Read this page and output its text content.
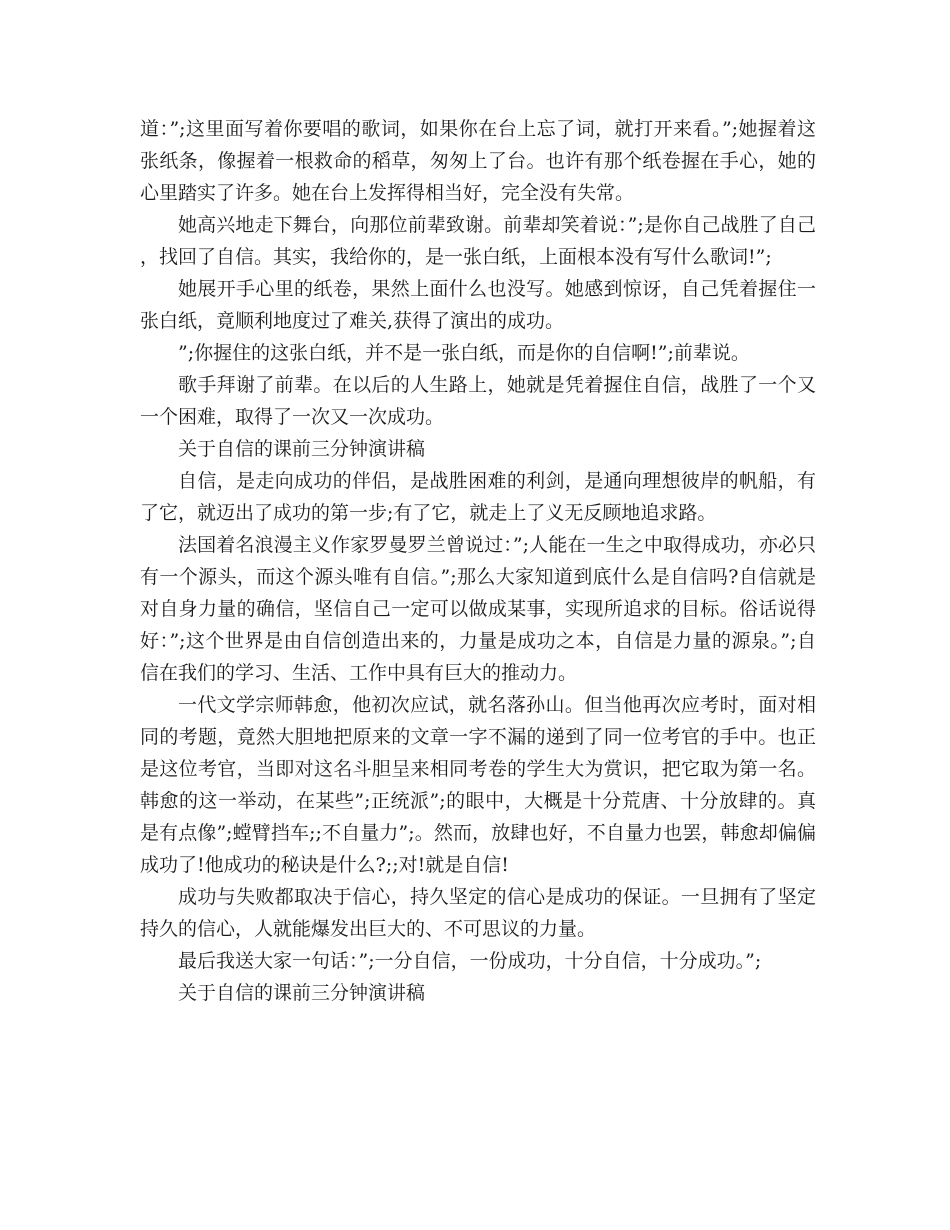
道：”;这里面写着你要唱的歌词，如果你在台上忘了词，就打开来看。”;她握着这张纸条，像握着一根救命的稻草，匆匆上了台。也许有那个纸卷握在手心，她的心里踏实了许多。她在台上发挥得相当好，完全没有失常。

她高兴地走下舞台，向那位前辈致谢。前辈却笑着说：”;是你自己战胜了自己，找回了自信。其实，我给你的，是一张白纸，上面根本没有写什么歌词!”;

她展开手心里的纸卷，果然上面什么也没写。她感到惊讶，自己凭着握住一张白纸，竟顺利地度过了难关,获得了演出的成功。

”;你握住的这张白纸，并不是一张白纸，而是你的自信啊!”;前辈说。

歌手拜谢了前辈。在以后的人生路上，她就是凭着握住自信，战胜了一个又一个困难，取得了一次又一次成功。

关于自信的课前三分钟演讲稿

自信，是走向成功的伴侣，是战胜困难的利剑，是通向理想彼岸的帆船，有了它，就迈出了成功的第一步;有了它，就走上了义无反顾地追求路。

法国着名浪漫主义作家罗曼罗兰曾说过：”;人能在一生之中取得成功，亦必只有一个源头，而这个源头唯有自信。”;那么大家知道到底什么是自信吗?自信就是对自身力量的确信，坚信自己一定可以做成某事，实现所追求的目标。俗话说得好：”;这个世界是由自信创造出来的，力量是成功之本，自信是力量的源泉。”;自信在我们的学习、生活、工作中具有巨大的推动力。

一代文学宗师韩愈，他初次应试，就名落孙山。但当他再次应考时，面对相同的考题，竟然大胆地把原来的文章一字不漏的递到了同一位考官的手中。也正是这位考官，当即对这名斗胆呈来相同考卷的学生大为赏识，把它取为第一名。韩愈的这一举动，在某些”;正统派”;的眼中，大概是十分荒唐、十分放肆的。真是有点像”;螳臂挡车;;不自量力”;。然而，放肆也好，不自量力也罢，韩愈却偏偏成功了!他成功的秘诀是什么?;;对!就是自信!

成功与失败都取决于信心，持久坚定的信心是成功的保证。一旦拥有了坚定持久的信心，人就能爆发出巨大的、不可思议的力量。

最后我送大家一句话：”;一分自信，一份成功，十分自信，十分成功。”;

关于自信的课前三分钟演讲稿
